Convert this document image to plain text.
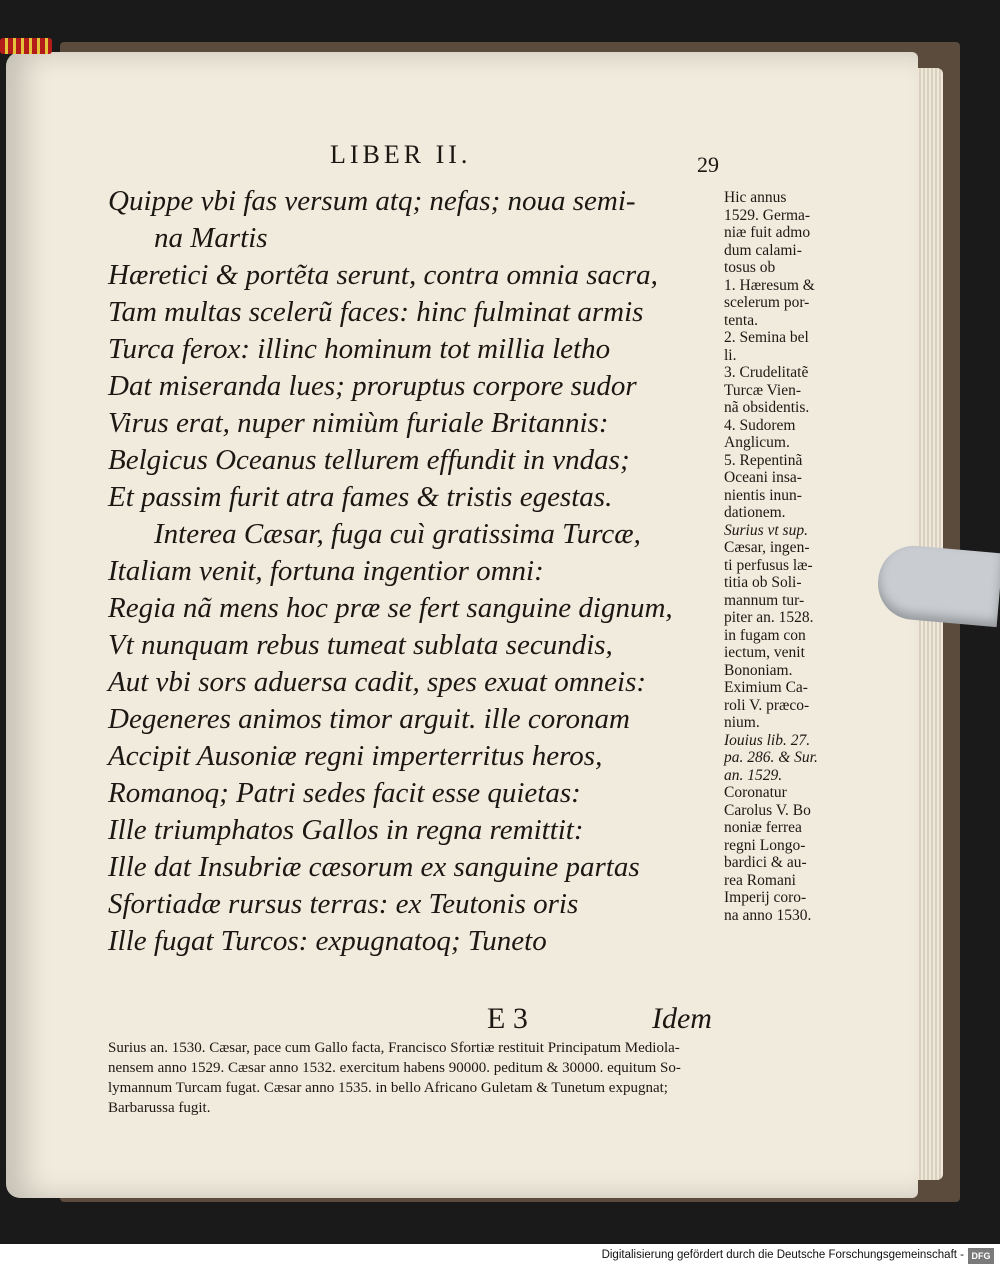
LIBER II.	29
Quippe vbi fas versum atq; nefas; noua semi-
na Martis
Hæretici & portẽta serunt, contra omnia sacra,
Tam multas scelerũ faces: hinc fulminat armis
Turca ferox: illinc hominum tot millia letho
Dat miseranda lues; proruptus corpore sudor
Virus erat, nuper nimiùm furiale Britannis:
Belgicus Oceanus tellurem effundit in vndas;
Et passim furit atra fames & tristis egestas.
Interea Cæsar, fuga cuì gratissima Turcæ,
Italiam venit, fortuna ingentior omni:
Regia nã mens hoc præ se fert sanguine dignum,
Vt nunquam rebus tumeat sublata secundis,
Aut vbi sors aduersa cadit, spes exuat omneis:
Degeneres animos timor arguit. ille coronam
Accipit Ausoniæ regni imperterritus heros,
Romanoq; Patri sedes facit esse quietas:
Ille triumphatos Gallos in regna remittit:
Ille dat Insubriæ cæsorum ex sanguine partas
Sfortiadæ rursus terras: ex Teutonis oris
Ille fugat Turcos: expugnatoq; Tuneto
E 3	Idem
Hic annus
1529. Germa-
niæ fuit admo
dum calami-
tosus ob
1. Hæresum &
scelerum por-
tenta.
2. Semina bel
li.
3. Crudelitatẽ
Turcæ Vien-
nã obsidentis.
4. Sudorem
Anglicum.
5. Repentinã
Oceani insa-
nientis inun-
dationem.
Surius vt sup.
Cæsar, ingen-
ti perfusus læ-
titia ob Soli-
mannum tur-
piter an. 1528.
in fugam con
iectum, venit
Bononiam.
Eximium Ca-
roli V. præco-
nium.
Iouius lib. 27.
pa. 286. & Sur.
an. 1529.
Coronatur
Carolus V. Bo
noniæ ferrea
regni Longo-
bardici & au-
rea Romani
Imperij coro-
na anno 1530.
Surius an. 1530. Cæsar, pace cum Gallo facta, Francisco Sfortiæ restituit Principatum Mediola-
nensem anno 1529. Cæsar anno 1532. exercitum habens 90000. peditum & 30000. equitum So-
lymannum Turcam fugat. Cæsar anno 1535. in bello Africano Guletam & Tunetum expugnat;
Barbarussa fugit.
Digitalisierung gefördert durch die Deutsche Forschungsgemeinschaft - DFG
